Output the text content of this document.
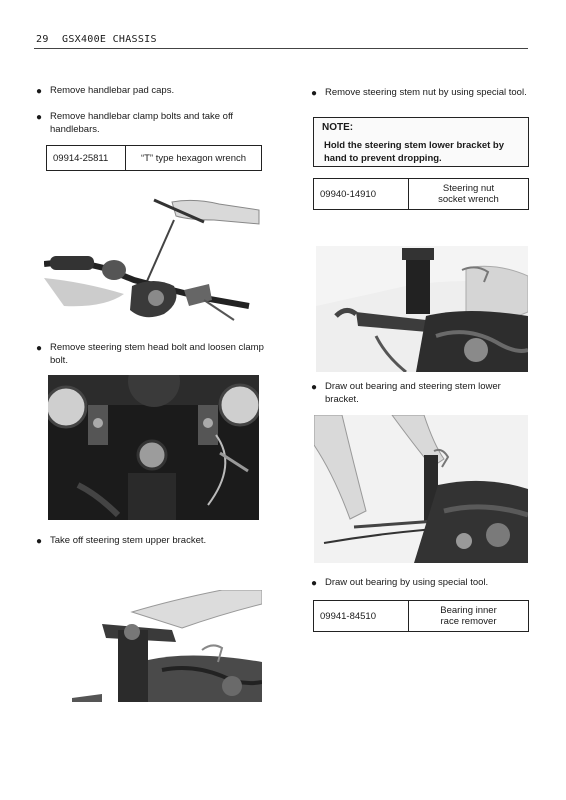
29 GSX400E CHASSIS
● Remove handlebar pad caps.
● Remove handlebar clamp bolts and take off handlebars.
09914-25811	“T” type hexagon wrench
● Remove steering stem head bolt and loosen clamp bolt.
● Take off steering stem upper bracket.
● Remove steering stem nut by using special tool.
NOTE:
Hold the steering stem lower bracket by hand to prevent dropping.
09940-14910	Steering nut
socket wrench
● Draw out bearing and steering stem lower bracket.
● Draw out bearing by using special tool.
09941-84510	Bearing inner
race remover
